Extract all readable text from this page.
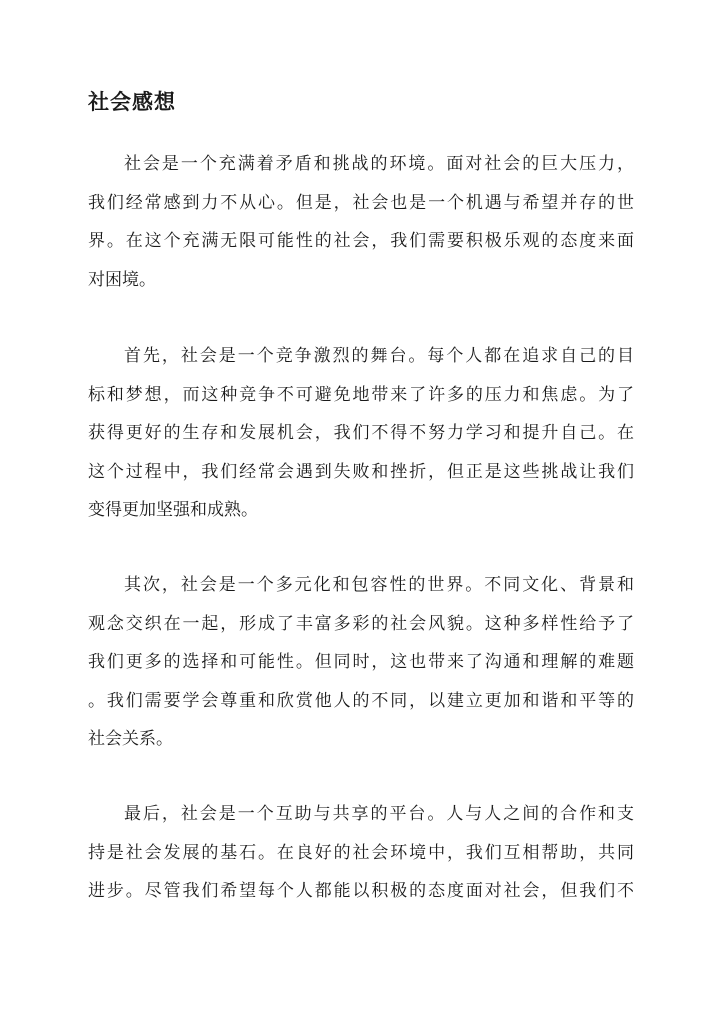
社会感想
社会是一个充满着矛盾和挑战的环境。面对社会的巨大压力，
我们经常感到力不从心。但是，社会也是一个机遇与希望并存的世
界。在这个充满无限可能性的社会，我们需要积极乐观的态度来面
对困境。
首先，社会是一个竞争激烈的舞台。每个人都在追求自己的目
标和梦想，而这种竞争不可避免地带来了许多的压力和焦虑。为了
获得更好的生存和发展机会，我们不得不努力学习和提升自己。在
这个过程中，我们经常会遇到失败和挫折，但正是这些挑战让我们
变得更加坚强和成熟。
其次，社会是一个多元化和包容性的世界。不同文化、背景和
观念交织在一起，形成了丰富多彩的社会风貌。这种多样性给予了
我们更多的选择和可能性。但同时，这也带来了沟通和理解的难题
。我们需要学会尊重和欣赏他人的不同，以建立更加和谐和平等的
社会关系。
最后，社会是一个互助与共享的平台。人与人之间的合作和支
持是社会发展的基石。在良好的社会环境中，我们互相帮助，共同
进步。尽管我们希望每个人都能以积极的态度面对社会，但我们不
